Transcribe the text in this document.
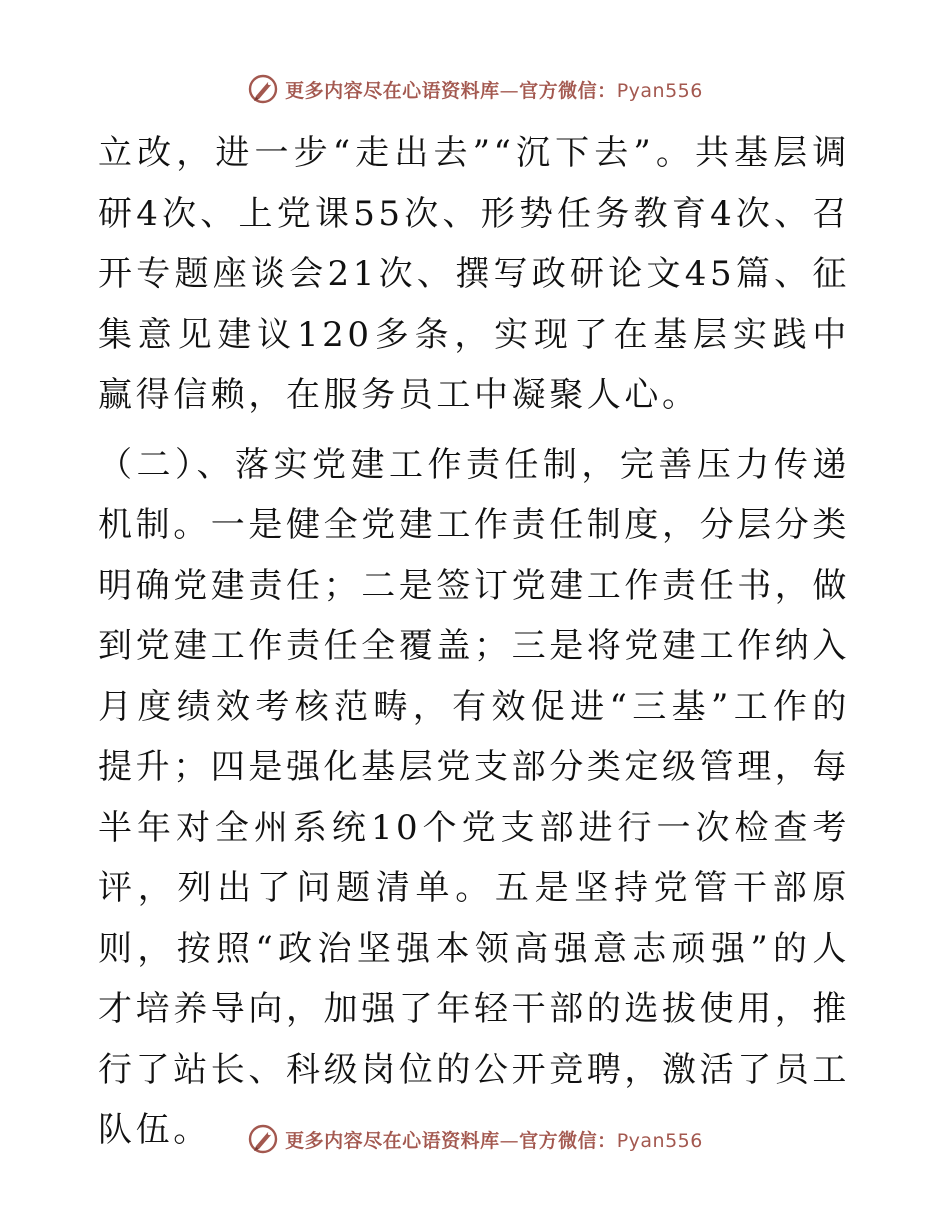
更多内容尽在心语资料库—官方微信：Pyan556

立改，进一步“走出去”“沉下去”。共基层调研4次、上党课55次、形势任务教育4次、召开专题座谈会21次、撰写政研论文45篇、征集意见建议120多条，实现了在基层实践中赢得信赖，在服务员工中凝聚人心。

（二）、落实党建工作责任制，完善压力传递机制。一是健全党建工作责任制度，分层分类明确党建责任；二是签订党建工作责任书，做到党建工作责任全覆盖；三是将党建工作纳入月度绩效考核范畴，有效促进“三基”工作的提升；四是强化基层党支部分类定级管理，每半年对全州系统10个党支部进行一次检查考评，列出了问题清单。五是坚持党管干部原则，按照“政治坚强本领高强意志顽强”的人才培养导向，加强了年轻干部的选拔使用，推行了站长、科级岗位的公开竞聘，激活了员工队伍。	更多内容尽在心语资料库—官方微信：Pyan556
